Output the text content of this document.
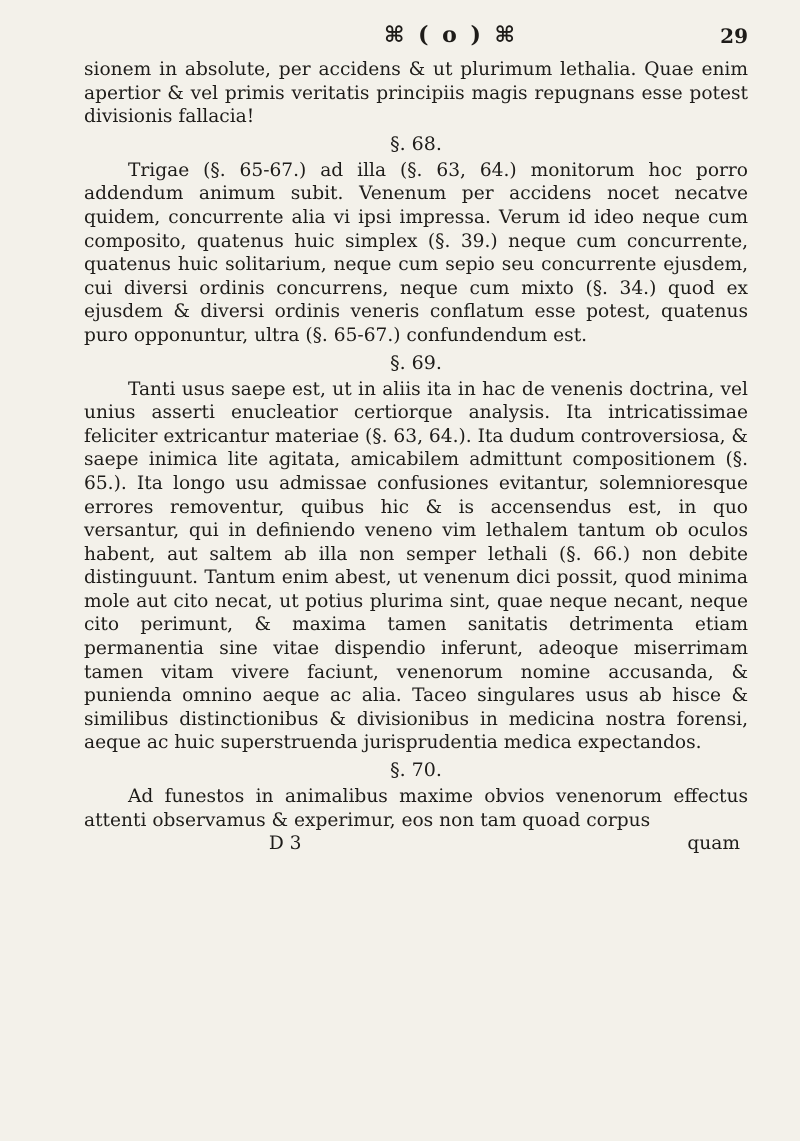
⌘ ( o ) ⌘	29

sionem in absolute, per accidens & ut plurimum lethalia. Quae enim apertior & vel primis veritatis principiis magis repugnans esse potest divisionis fallacia!

§. 68.

Trigae (§. 65-67.) ad illa (§. 63, 64.) monitorum hoc porro addendum animum subit. Venenum per accidens nocet necatve quidem, concurrente alia vi ipsi impressa. Verum id ideo neque cum composito, quatenus huic simplex (§. 39.) neque cum concurrente, quatenus huic solitarium, neque cum sepio seu concurrente ejusdem, cui diversi ordinis concurrens, neque cum mixto (§. 34.) quod ex ejusdem & diversi ordinis veneris conflatum esse potest, quatenus puro opponuntur, ultra (§. 65-67.) confundendum est.

§. 69.

Tanti usus saepe est, ut in aliis ita in hac de venenis doctrina, vel unius asserti enucleatior certiorque analysis. Ita intricatissimae feliciter extricantur materiae (§. 63, 64.). Ita dudum controversiosa, & saepe inimica lite agitata, amicabilem admittunt compositionem (§. 65.). Ita longo usu admissae confusiones evitantur, solemnioresque errores removentur, quibus hic & is accensendus est, in quo versantur, qui in definiendo veneno vim lethalem tantum ob oculos habent, aut saltem ab illa non semper lethali (§. 66.) non debite distinguunt. Tantum enim abest, ut venenum dici possit, quod minima mole aut cito necat, ut potius plurima sint, quae neque necant, neque cito perimunt, & maxima tamen sanitatis detrimenta etiam permanentia sine vitae dispendio inferunt, adeoque miserrimam tamen vitam vivere faciunt, venenorum nomine accusanda, & punienda omnino aeque ac alia. Taceo singulares usus ab hisce & similibus distinctionibus & divisionibus in medicina nostra forensi, aeque ac huic superstruenda jurisprudentia medica expectandos.

§. 70.

Ad funestos in animalibus maxime obvios venenorum effectus attenti observamus & experimur, eos non tam quoad corpus

D 3	quam
